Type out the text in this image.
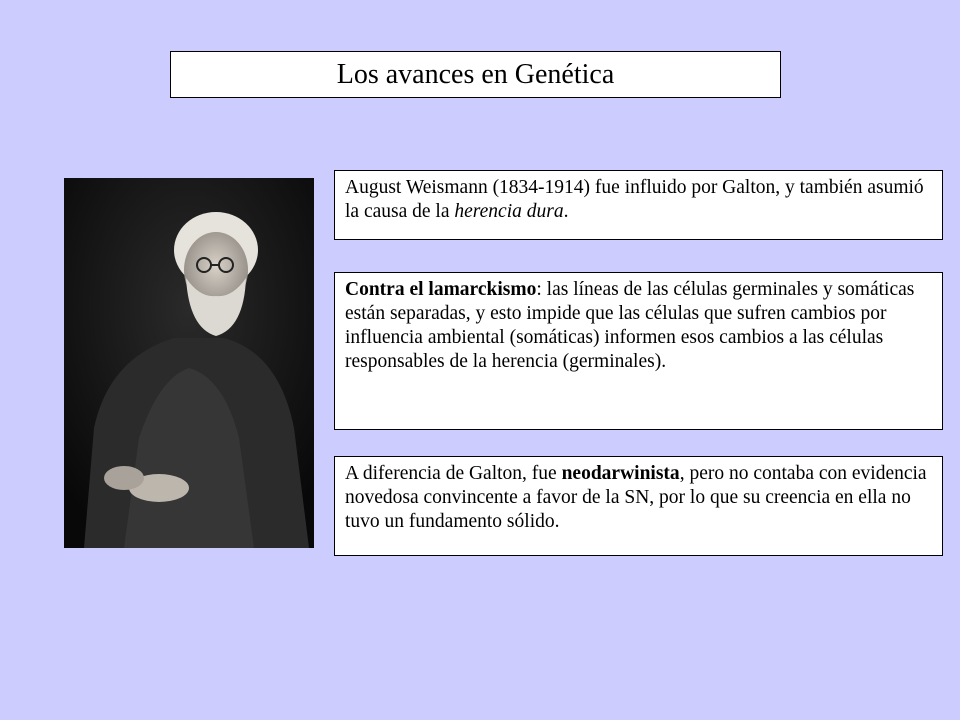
Los avances en Genética
August Weismann (1834-1914) fue influido por Galton, y también asumió la causa de la herencia dura.
Contra el lamarckismo: las líneas de las células germinales y somáticas están separadas, y esto impide que las células que sufren cambios por influencia ambiental (somáticas) informen esos cambios a las células responsables de la herencia (germinales).
A diferencia de Galton, fue neodarwinista, pero no contaba con evidencia novedosa convincente a favor de la SN, por lo que su creencia en ella no tuvo un fundamento sólido.
